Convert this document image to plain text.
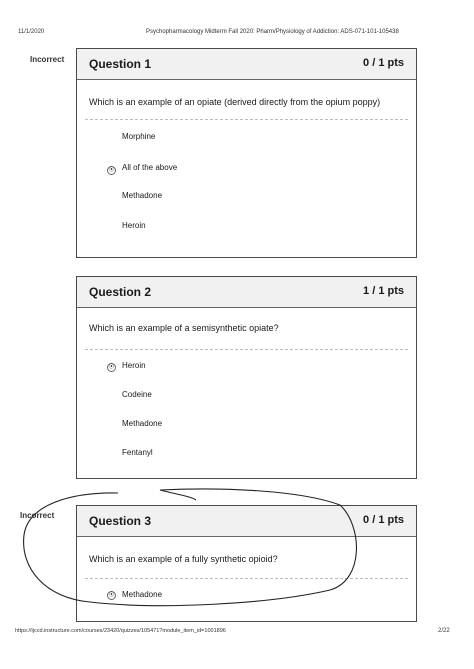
11/1/2020	Psychopharmacology Midterm Fall 2020: Pharm/Physiology of Addiction: ADS-071-101-105438
Incorrect Question 1	0 / 1 pts
Which is an example of an opiate (derived directly from the opium poppy)
Morphine
⦿ All of the above
Methadone
Heroin
Question 2	1 / 1 pts
Which is an example of a semisynthetic opiate?
⦿ Heroin
Codeine
Methadone
Fentanyl
Incorrect	Question 3	0 / 1 pts
Which is an example of a fully synthetic opioid?
⦿ Methadone
https://ijccd.instructure.com/courses/23420/quizzes/105471?module_item_id=1001896	2/22
